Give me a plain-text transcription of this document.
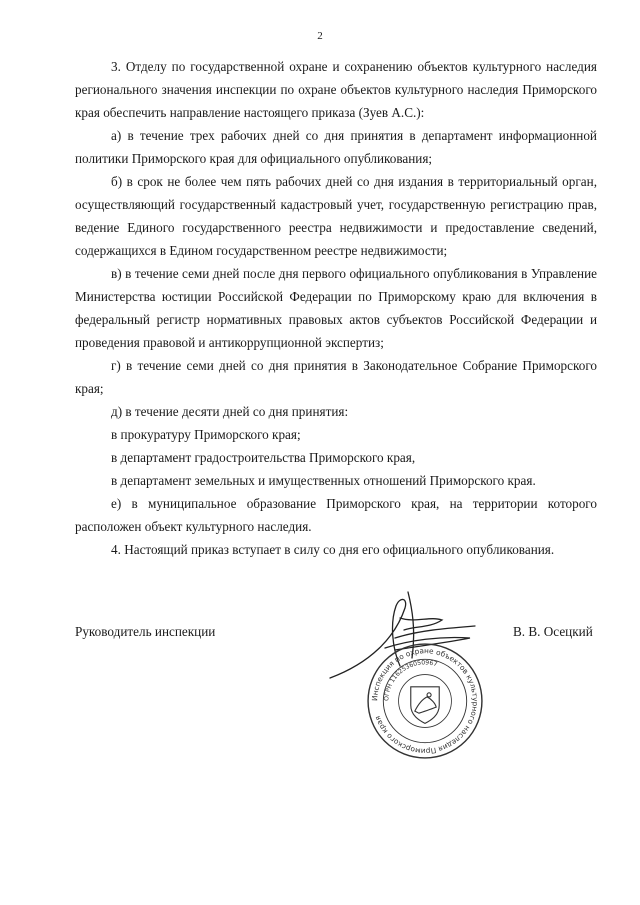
2

3. Отделу по государственной охране и сохранению объектов культурного наследия регионального значения инспекции по охране объектов культурного наследия Приморского края обеспечить направление настоящего приказа (Зуев А.С.):

а) в течение трех рабочих дней со дня принятия в департамент информационной политики Приморского края для официального опубликования;

б) в срок не более чем пять рабочих дней со дня издания в территориальный орган, осуществляющий государственный кадастровый учет, государственную регистрацию прав, ведение Единого государственного реестра недвижимости и предоставление сведений, содержащихся в Едином государственном реестре недвижимости;

в) в течение семи дней после дня первого официального опубликования в Управление Министерства юстиции Российской Федерации по Приморскому краю для включения в федеральный регистр нормативных правовых актов субъектов Российской Федерации и проведения правовой и антикоррупционной экспертиз;

г) в течение семи дней со дня принятия в Законодательное Собрание Приморского края;

д) в течение десяти дней со дня принятия:

в прокуратуру Приморского края;

в департамент градостроительства Приморского края,

в департамент земельных и имущественных отношений Приморского края.

е) в муниципальное образование Приморского края, на территории которого расположен объект культурного наследия.

4. Настоящий приказ вступает в силу со дня его официального опубликования.

Руководитель инспекции	В. В. Осецкий
Инспекция по охране объектов культурного наследия Приморского края
ОГРН 1162536050967
